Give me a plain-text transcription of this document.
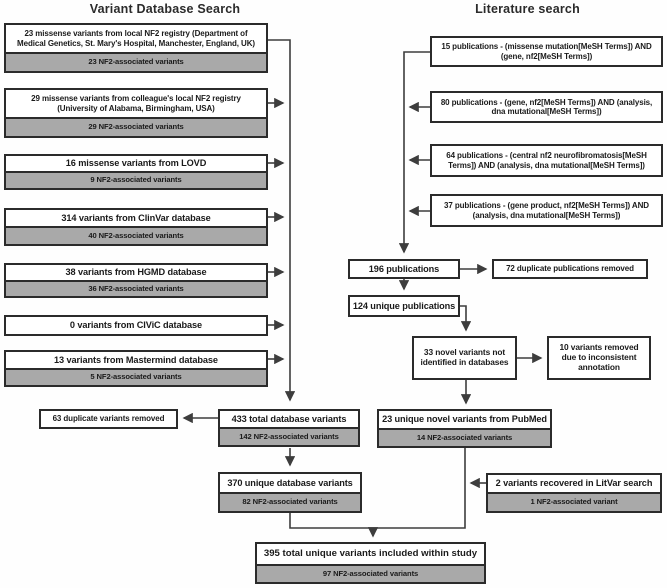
Variant Database Search	Literature search
23 missense variants from local NF2 registry (Department of Medical Genetics, St. Mary's Hospital, Manchester, England, UK)
23 NF2-associated variants
29 missense variants from colleague's local NF2 registry (University of Alabama, Birmingham, USA)
29 NF2-associated variants
16 missense variants from LOVD
9 NF2-associated variants
314 variants from ClinVar database
40 NF2-associated variants
38 variants from HGMD database
36 NF2-associated variants
0 variants from CIViC database
13 variants from Mastermind database
5 NF2-associated variants
15 publications - (missense mutation[MeSH Terms]) AND (gene, nf2[MeSH Terms])
80 publications - (gene, nf2[MeSH Terms]) AND (analysis, dna mutational[MeSH Terms])
64 publications - (central nf2 neurofibromatosis[MeSH Terms]) AND (analysis, dna mutational[MeSH Terms])
37 publications - (gene product, nf2[MeSH Terms]) AND (analysis, dna mutational[MeSH Terms])
196 publications	72 duplicate publications removed
124 unique publications
33 novel variants not identified in databases
10 variants removed due to inconsistent annotation
23 unique novel variants from PubMed
14 NF2-associated variants
2 variants recovered in LitVar search
1 NF2-associated variant
63 duplicate variants removed	433 total database variants
142 NF2-associated variants
370 unique database variants
82 NF2-associated variants
395 total unique variants included within study
97 NF2-associated variants
